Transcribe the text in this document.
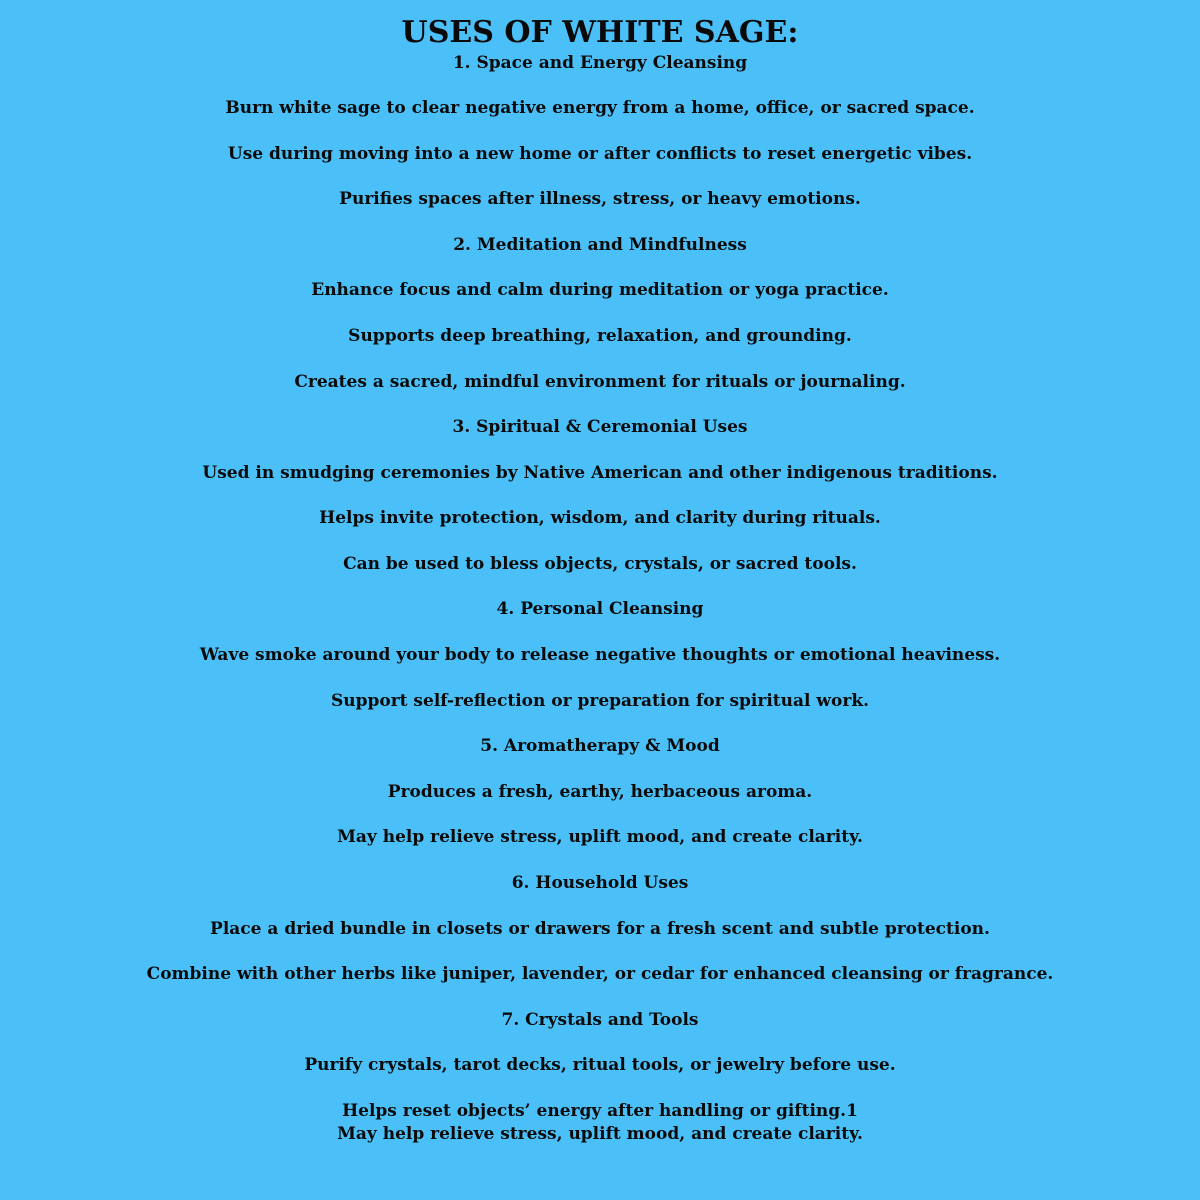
USES OF WHITE SAGE:
1. Space and Energy Cleansing
Burn white sage to clear negative energy from a home, office, or sacred space.
Use during moving into a new home or after conflicts to reset energetic vibes.
Purifies spaces after illness, stress, or heavy emotions.
2. Meditation and Mindfulness
Enhance focus and calm during meditation or yoga practice.
Supports deep breathing, relaxation, and grounding.
Creates a sacred, mindful environment for rituals or journaling.
3. Spiritual & Ceremonial Uses
Used in smudging ceremonies by Native American and other indigenous traditions.
Helps invite protection, wisdom, and clarity during rituals.
Can be used to bless objects, crystals, or sacred tools.
4. Personal Cleansing
Wave smoke around your body to release negative thoughts or emotional heaviness.
Support self-reflection or preparation for spiritual work.
5. Aromatherapy & Mood
Produces a fresh, earthy, herbaceous aroma.
May help relieve stress, uplift mood, and create clarity.
6. Household Uses
Place a dried bundle in closets or drawers for a fresh scent and subtle protection.
Combine with other herbs like juniper, lavender, or cedar for enhanced cleansing or fragrance.
7. Crystals and Tools
Purify crystals, tarot decks, ritual tools, or jewelry before use.
Helps reset objects’ energy after handling or gifting.1
May help relieve stress, uplift mood, and create clarity.
